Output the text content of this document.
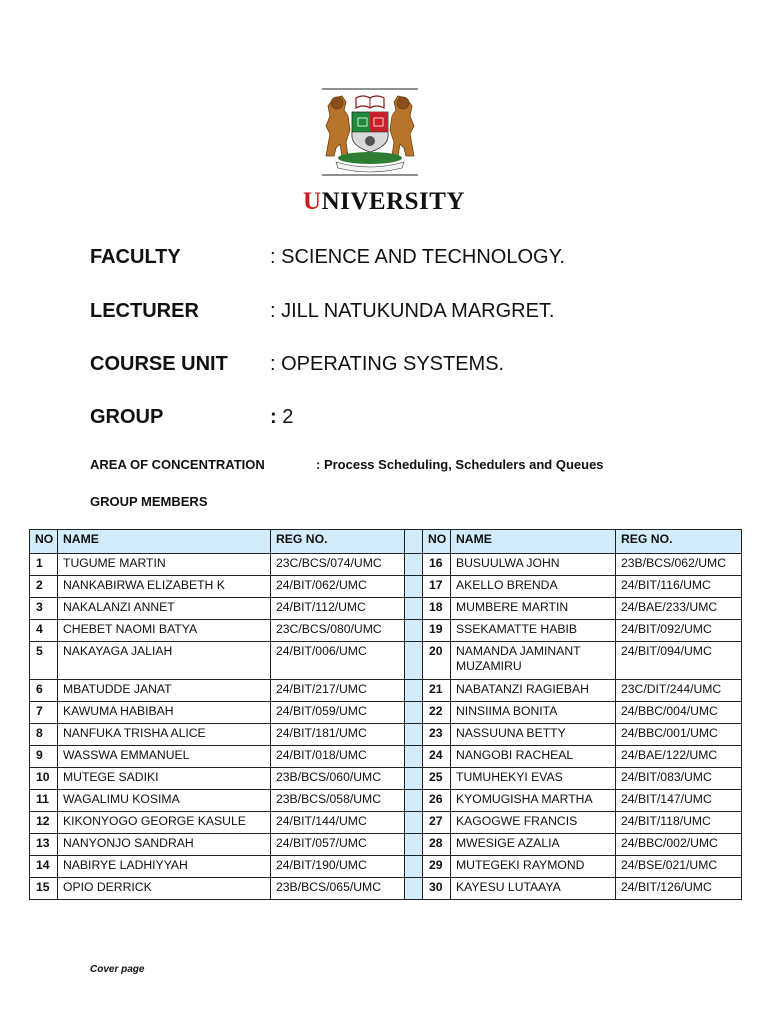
UNIVERSITY
FACULTY	: SCIENCE AND TECHNOLOGY.
LECTURER	: JILL NATUKUNDA MARGRET.
COURSE UNIT : OPERATING SYSTEMS.
GROUP	: 2
AREA OF CONCENTRATION	: Process Scheduling, Schedulers and Queues
GROUP MEMBERS
NO	NAME	REG NO.		NO	NAME	REG NO.
1	TUGUME MARTIN	23C/BCS/074/UMC		16	BUSUULWA JOHN	23B/BCS/062/UMC
2	NANKABIRWA ELIZABETH K	24/BIT/062/UMC		17	AKELLO BRENDA	24/BIT/116/UMC
3	NAKALANZI ANNET	24/BIT/112/UMC		18	MUMBERE MARTIN	24/BAE/233/UMC
4	CHEBET NAOMI BATYA	23C/BCS/080/UMC		19	SSEKAMATTE HABIB	24/BIT/092/UMC
5	NAKAYAGA JALIAH	24/BIT/006/UMC		20	NAMANDA JAMINANT MUZAMIRU	24/BIT/094/UMC
6	MBATUDDE JANAT	24/BIT/217/UMC		21	NABATANZI RAGIEBAH	23C/DIT/244/UMC
7	KAWUMA HABIBAH	24/BIT/059/UMC		22	NINSIIMA BONITA	24/BBC/004/UMC
8	NANFUKA TRISHA ALICE	24/BIT/181/UMC		23	NASSUUNA BETTY	24/BBC/001/UMC
9	WASSWA EMMANUEL	24/BIT/018/UMC		24	NANGOBI RACHEAL	24/BAE/122/UMC
10	MUTEGE SADIKI	23B/BCS/060/UMC		25	TUMUHEKYI EVAS	24/BIT/083/UMC
11	WAGALIMU KOSIMA	23B/BCS/058/UMC		26	KYOMUGISHA MARTHA	24/BIT/147/UMC
12	KIKONYOGO GEORGE KASULE	24/BIT/144/UMC		27	KAGOGWE FRANCIS	24/BIT/118/UMC
13	NANYONJO SANDRAH	24/BIT/057/UMC		28	MWESIGE AZALIA	24/BBC/002/UMC
14	NABIRYE LADHIYYAH	24/BIT/190/UMC		29	MUTEGEKI RAYMOND	24/BSE/021/UMC
15	OPIO DERRICK	23B/BCS/065/UMC		30	KAYESU LUTAAYA	24/BIT/126/UMC
Cover page
